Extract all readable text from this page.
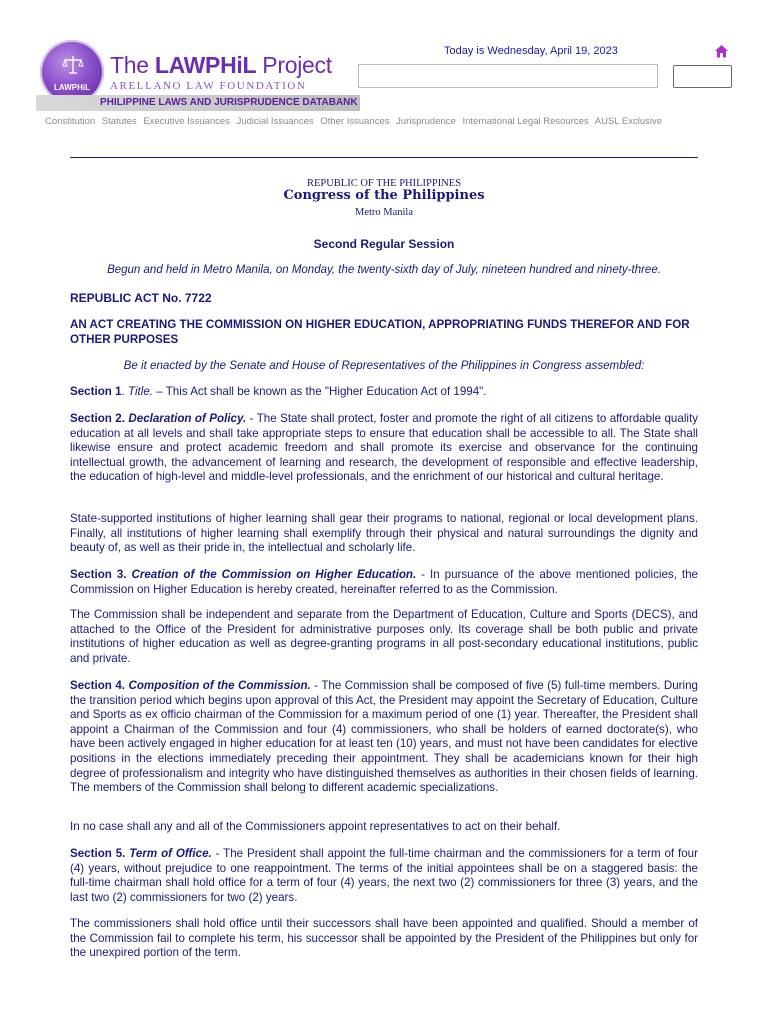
LAWPHiL
The LAWPHiL Project
ARELLANO LAW FOUNDATION
PHILIPPINE LAWS AND JURISPRUDENCE DATABANK
Today is Wednesday, April 19, 2023
Constitution Statutes Executive Issuances Judicial Issuances Other Issuances Jurisprudence International Legal Resources AUSL Exclusive
REPUBLIC OF THE PHILIPPINES
Congress of the Philippines
Metro Manila
Second Regular Session
Begun and held in Metro Manila, on Monday, the twenty-sixth day of July, nineteen hundred and ninety-three.
REPUBLIC ACT No. 7722
AN ACT CREATING THE COMMISSION ON HIGHER EDUCATION, APPROPRIATING FUNDS THEREFOR AND FOR OTHER PURPOSES
Be it enacted by the Senate and House of Representatives of the Philippines in Congress assembled:
Section 1. Title. – This Act shall be known as the "Higher Education Act of 1994".
Section 2. Declaration of Policy. - The State shall protect, foster and promote the right of all citizens to affordable quality education at all levels and shall take appropriate steps to ensure that education shall be accessible to all. The State shall likewise ensure and protect academic freedom and shall promote its exercise and observance for the continuing intellectual growth, the advancement of learning and research, the development of responsible and effective leadership, the education of high-level and middle-level professionals, and the enrichment of our historical and cultural heritage.
State-supported institutions of higher learning shall gear their programs to national, regional or local development plans. Finally, all institutions of higher learning shall exemplify through their physical and natural surroundings the dignity and beauty of, as well as their pride in, the intellectual and scholarly life.
Section 3. Creation of the Commission on Higher Education. - In pursuance of the above mentioned policies, the Commission on Higher Education is hereby created, hereinafter referred to as the Commission.
The Commission shall be independent and separate from the Department of Education, Culture and Sports (DECS), and attached to the Office of the President for administrative purposes only. Its coverage shall be both public and private institutions of higher education as well as degree-granting programs in all post-secondary educational institutions, public and private.
Section 4. Composition of the Commission. - The Commission shall be composed of five (5) full-time members. During the transition period which begins upon approval of this Act, the President may appoint the Secretary of Education, Culture and Sports as ex officio chairman of the Commission for a maximum period of one (1) year. Thereafter, the President shall appoint a Chairman of the Commission and four (4) commissioners, who shall be holders of earned doctorate(s), who have been actively engaged in higher education for at least ten (10) years, and must not have been candidates for elective positions in the elections immediately preceding their appointment. They shall be academicians known for their high degree of professionalism and integrity who have distinguished themselves as authorities in their chosen fields of learning. The members of the Commission shall belong to different academic specializations.
In no case shall any and all of the Commissioners appoint representatives to act on their behalf.
Section 5. Term of Office. - The President shall appoint the full-time chairman and the commissioners for a term of four (4) years, without prejudice to one reappointment. The terms of the initial appointees shall be on a staggered basis: the full-time chairman shall hold office for a term of four (4) years, the next two (2) commissioners for three (3) years, and the last two (2) commissioners for two (2) years.
The commissioners shall hold office until their successors shall have been appointed and qualified. Should a member of the Commission fail to complete his term, his successor shall be appointed by the President of the Philippines but only for the unexpired portion of the term.
